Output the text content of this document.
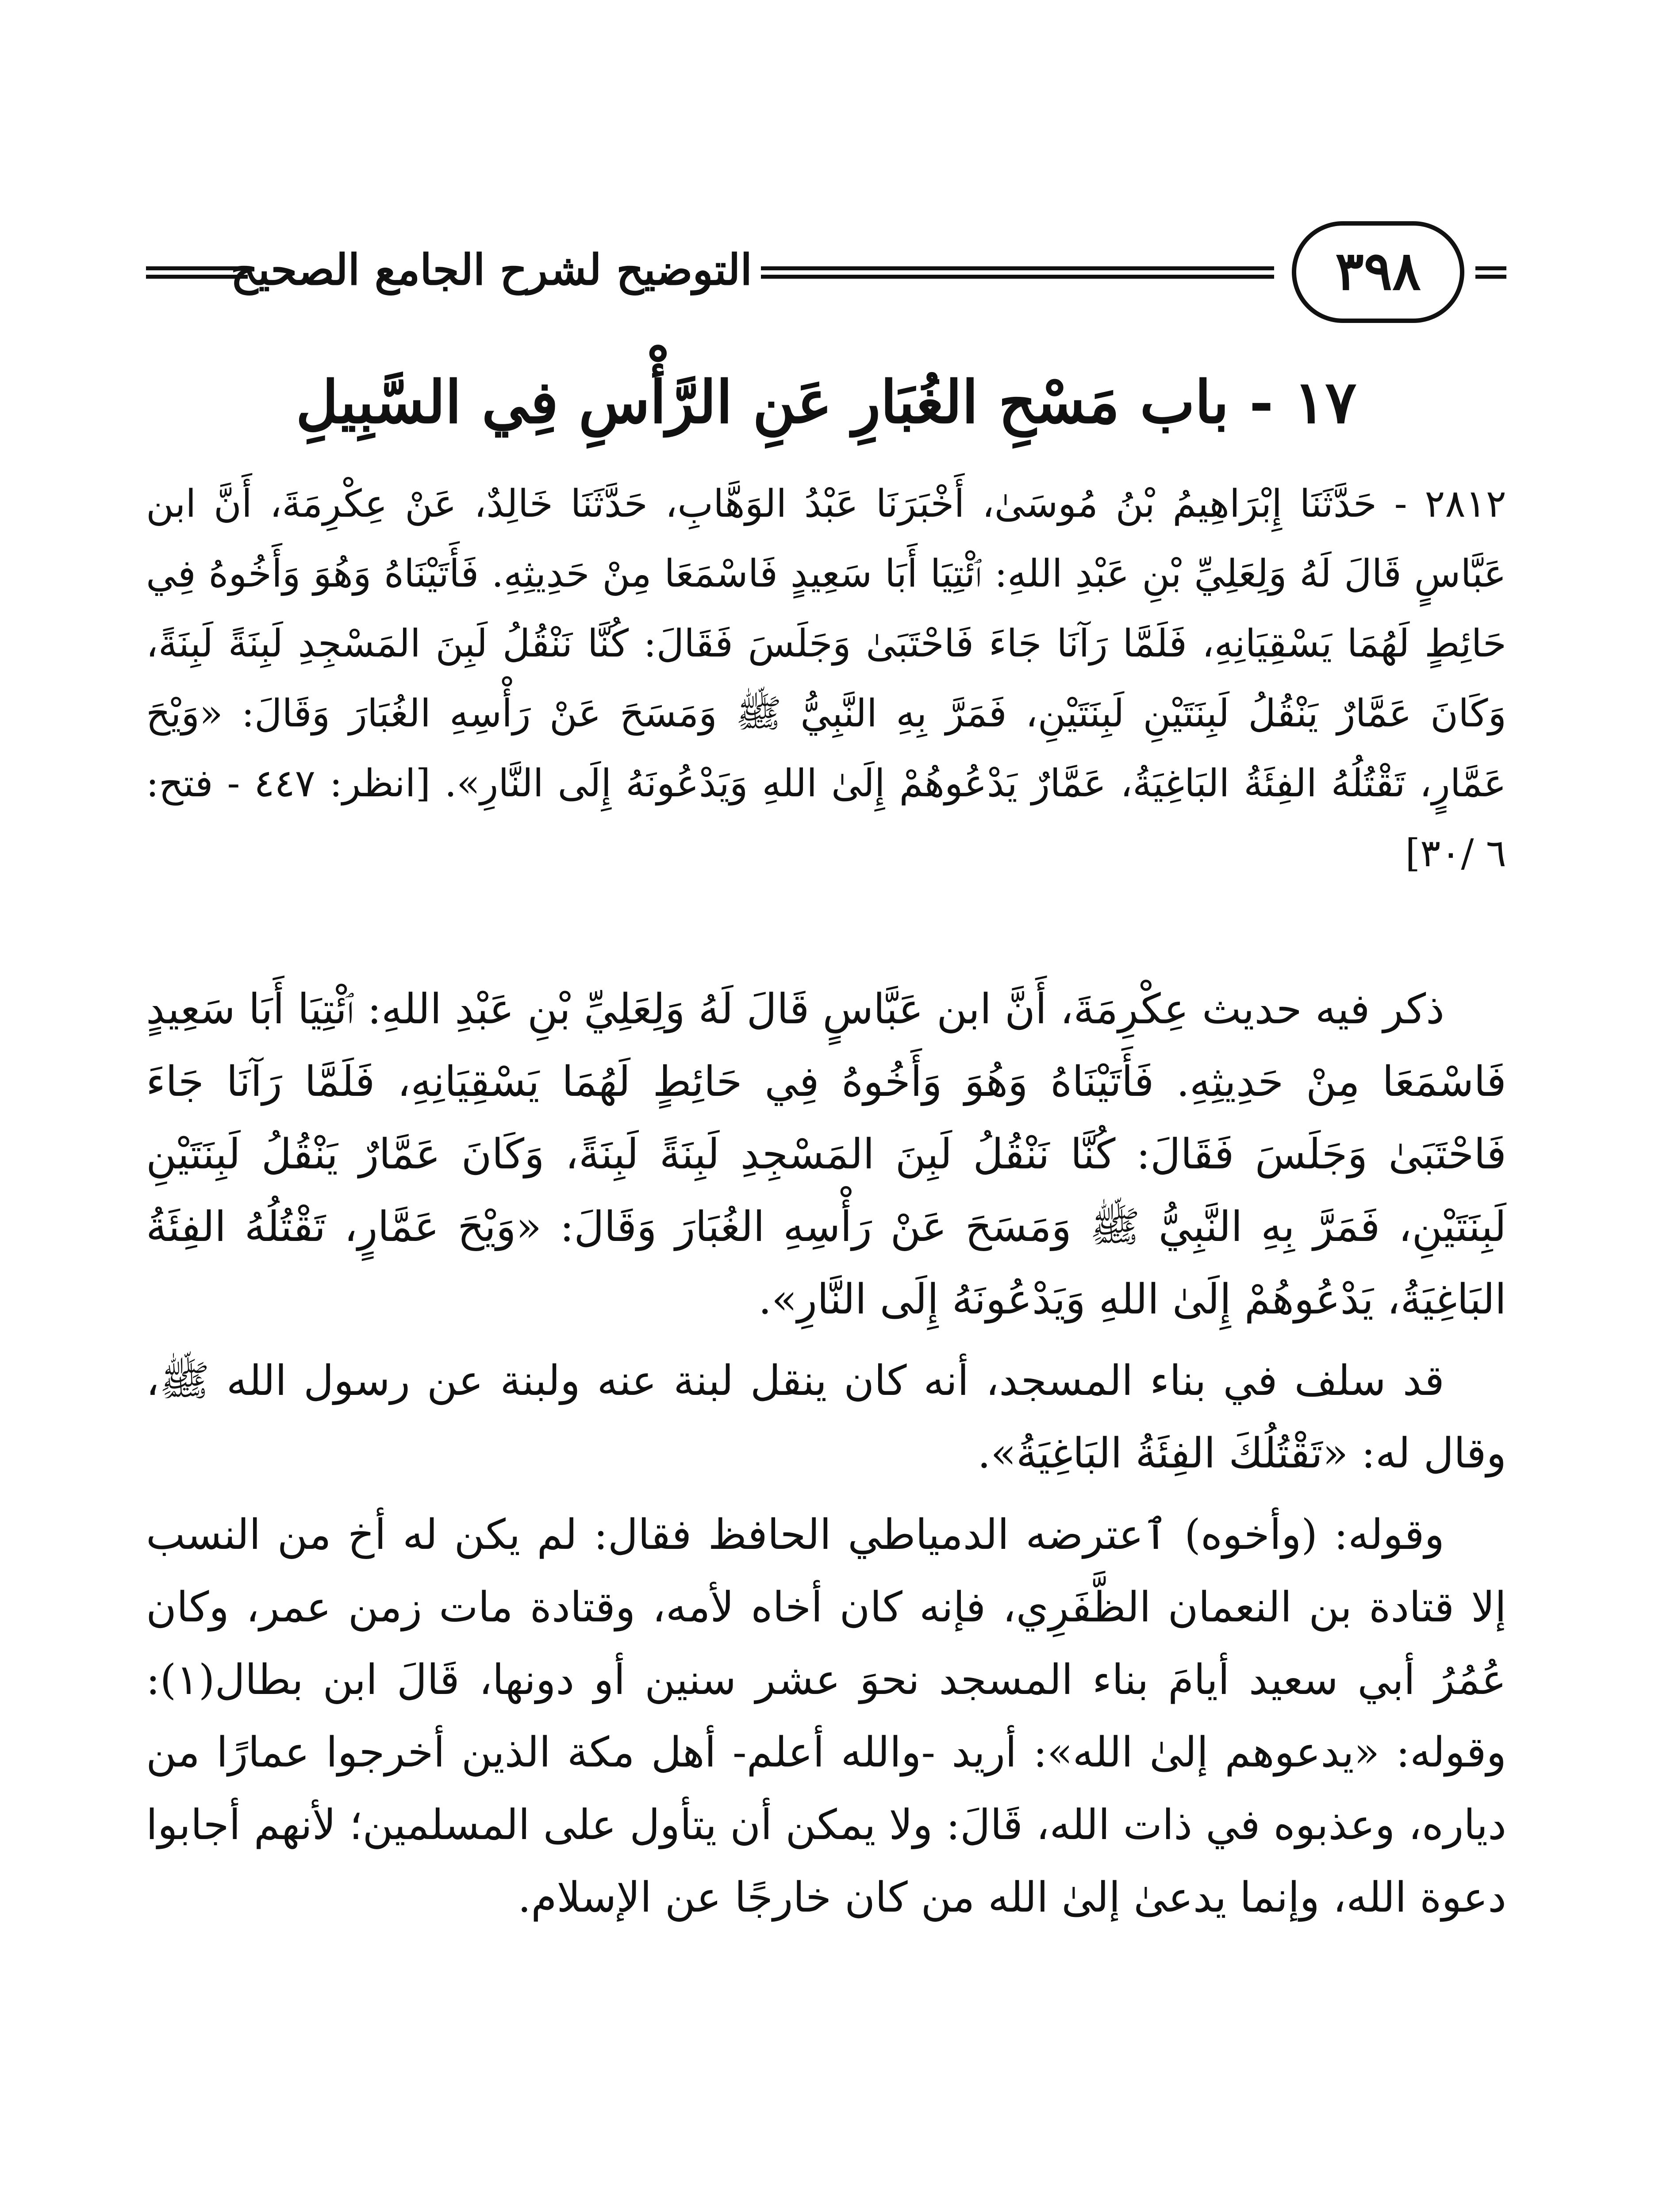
التوضيح لشرح الجامع الصحيح	٣٩٨
١٧ - باب مَسْحِ الغُبَارِ عَنِ الرَّأْسِ فِي السَّبِيلِ
٢٨١٢ - حَدَّثَنَا إِبْرَاهِيمُ بْنُ مُوسَىٰ، أَخْبَرَنَا عَبْدُ الوَهَّابِ، حَدَّثَنَا خَالِدٌ، عَنْ عِكْرِمَةَ، أَنَّ ابن عَبَّاسٍ قَالَ لَهُ وَلِعَلِيِّ بْنِ عَبْدِ اللهِ: ٱئْتِيَا أَبَا سَعِيدٍ فَاسْمَعَا مِنْ حَدِيثِهِ. فَأَتَيْنَاهُ وَهُوَ وَأَخُوهُ فِي حَائِطٍ لَهُمَا يَسْقِيَانِهِ، فَلَمَّا رَآنَا جَاءَ فَاحْتَبَىٰ وَجَلَسَ فَقَالَ: كُنَّا نَنْقُلُ لَبِنَ المَسْجِدِ لَبِنَةً لَبِنَةً، وَكَانَ عَمَّارٌ يَنْقُلُ لَبِنَتَيْنِ لَبِنَتَيْنِ، فَمَرَّ بِهِ النَّبِيُّ ﷺ وَمَسَحَ عَنْ رَأْسِهِ الغُبَارَ وَقَالَ: «وَيْحَ عَمَّارٍ، تَقْتُلُهُ الفِئَةُ البَاغِيَةُ، عَمَّارٌ يَدْعُوهُمْ إِلَىٰ اللهِ وَيَدْعُونَهُ إِلَى النَّارِ». [انظر: ٤٤٧ - فتح: ٦ /٣٠]

ذكر فيه حديث عِكْرِمَةَ، أَنَّ ابن عَبَّاسٍ قَالَ لَهُ وَلِعَلِيِّ بْنِ عَبْدِ اللهِ: ٱئْتِيَا أَبَا سَعِيدٍ فَاسْمَعَا مِنْ حَدِيثِهِ. فَأَتَيْنَاهُ وَهُوَ وَأَخُوهُ فِي حَائِطٍ لَهُمَا يَسْقِيَانِهِ، فَلَمَّا رَآنَا جَاءَ فَاحْتَبَىٰ وَجَلَسَ فَقَالَ: كُنَّا نَنْقُلُ لَبِنَ المَسْجِدِ لَبِنَةً لَبِنَةً، وَكَانَ عَمَّارٌ يَنْقُلُ لَبِنَتَيْنِ لَبِنَتَيْنِ، فَمَرَّ بِهِ النَّبِيُّ ﷺ وَمَسَحَ عَنْ رَأْسِهِ الغُبَارَ وَقَالَ: «وَيْحَ عَمَّارٍ، تَقْتُلُهُ الفِئَةُ البَاغِيَةُ، يَدْعُوهُمْ إِلَىٰ اللهِ وَيَدْعُونَهُ إِلَى النَّارِ».

قد سلف في بناء المسجد، أنه كان ينقل لبنة عنه ولبنة عن رسول الله ﷺ، وقال له: «تَقْتُلُكَ الفِئَةُ البَاغِيَةُ».

وقوله: (وأخوه) ٱعترضه الدمياطي الحافظ فقال: لم يكن له أخ من النسب إلا قتادة بن النعمان الظَّفَرِي، فإنه كان أخاه لأمه، وقتادة مات زمن عمر، وكان عُمُرُ أبي سعيد أيامَ بناء المسجد نحوَ عشر سنين أو دونها، قَالَ ابن بطال(١): وقوله: «يدعوهم إلىٰ الله»: أريد -والله أعلم- أهل مكة الذين أخرجوا عمارًا من دياره، وعذبوه في ذات الله، قَالَ: ولا يمكن أن يتأول على المسلمين؛ لأنهم أجابوا دعوة الله، وإنما يدعىٰ إلىٰ الله من كان خارجًا عن الإسلام.
